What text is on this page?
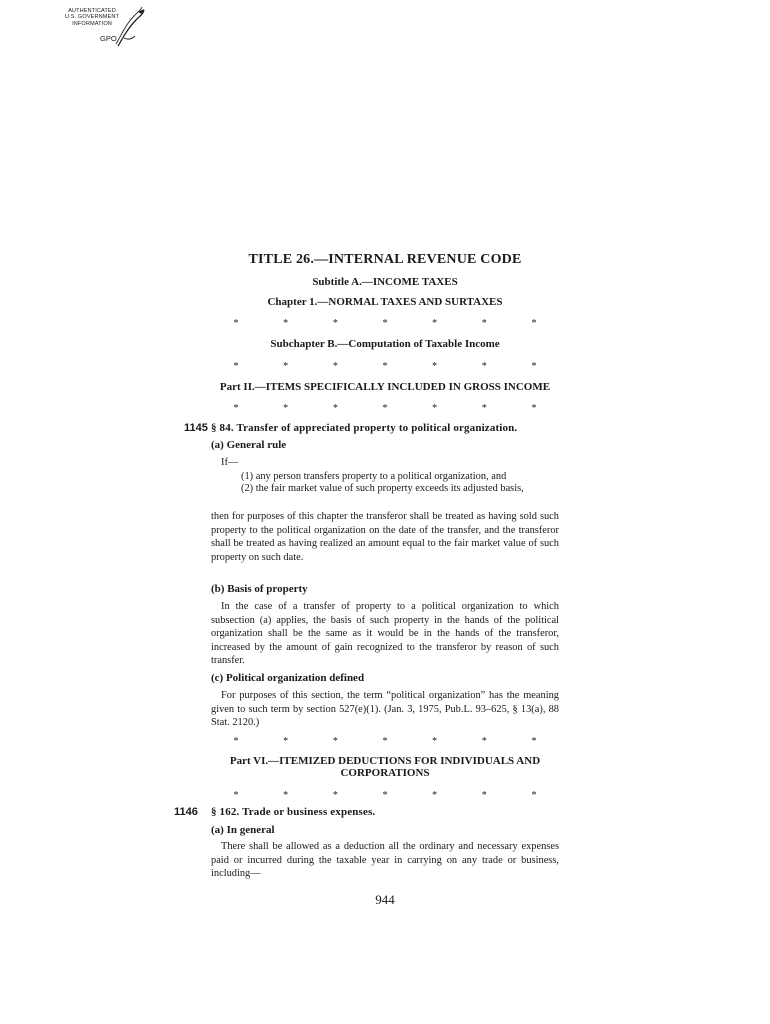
AUTHENTICATED
U.S. GOVERNMENT
INFORMATION
GPO
TITLE 26.—INTERNAL REVENUE CODE
Subtitle A.—INCOME TAXES
Chapter 1.—NORMAL TAXES AND SURTAXES
*	*	*	*	*	*	*
Subchapter B.—Computation of Taxable Income
*	*	*	*	*	*	*
Part II.—ITEMS SPECIFICALLY INCLUDED IN GROSS INCOME
*	*	*	*	*	*	*
1145 § 84. Transfer of appreciated property to political organization.
(a) General rule
If—
(1) any person transfers property to a political organization, and
(2) the fair market value of such property exceeds its adjusted basis,
then for purposes of this chapter the transferor shall be treated as having sold such property to the political organization on the date of the transfer, and the transferor shall be treated as having realized an amount equal to the fair market value of such property on such date.
(b) Basis of property
In the case of a transfer of property to a political organization to which subsection (a) applies, the basis of such property in the hands of the political organization shall be the same as it would be in the hands of the transferor, increased by the amount of gain recognized to the transferor by reason of such transfer.
(c) Political organization defined
For purposes of this section, the term “political organization” has the meaning given to such term by section 527(e)(1). (Jan. 3, 1975, Pub.L. 93–625, § 13(a), 88 Stat. 2120.)
*	*	*	*	*	*	*
Part VI.—ITEMIZED DEDUCTIONS FOR INDIVIDUALS AND
CORPORATIONS
*	*	*	*	*	*	*
1146 § 162. Trade or business expenses.
(a) In general
There shall be allowed as a deduction all the ordinary and necessary expenses paid or incurred during the taxable year in carrying on any trade or business, including—
944
